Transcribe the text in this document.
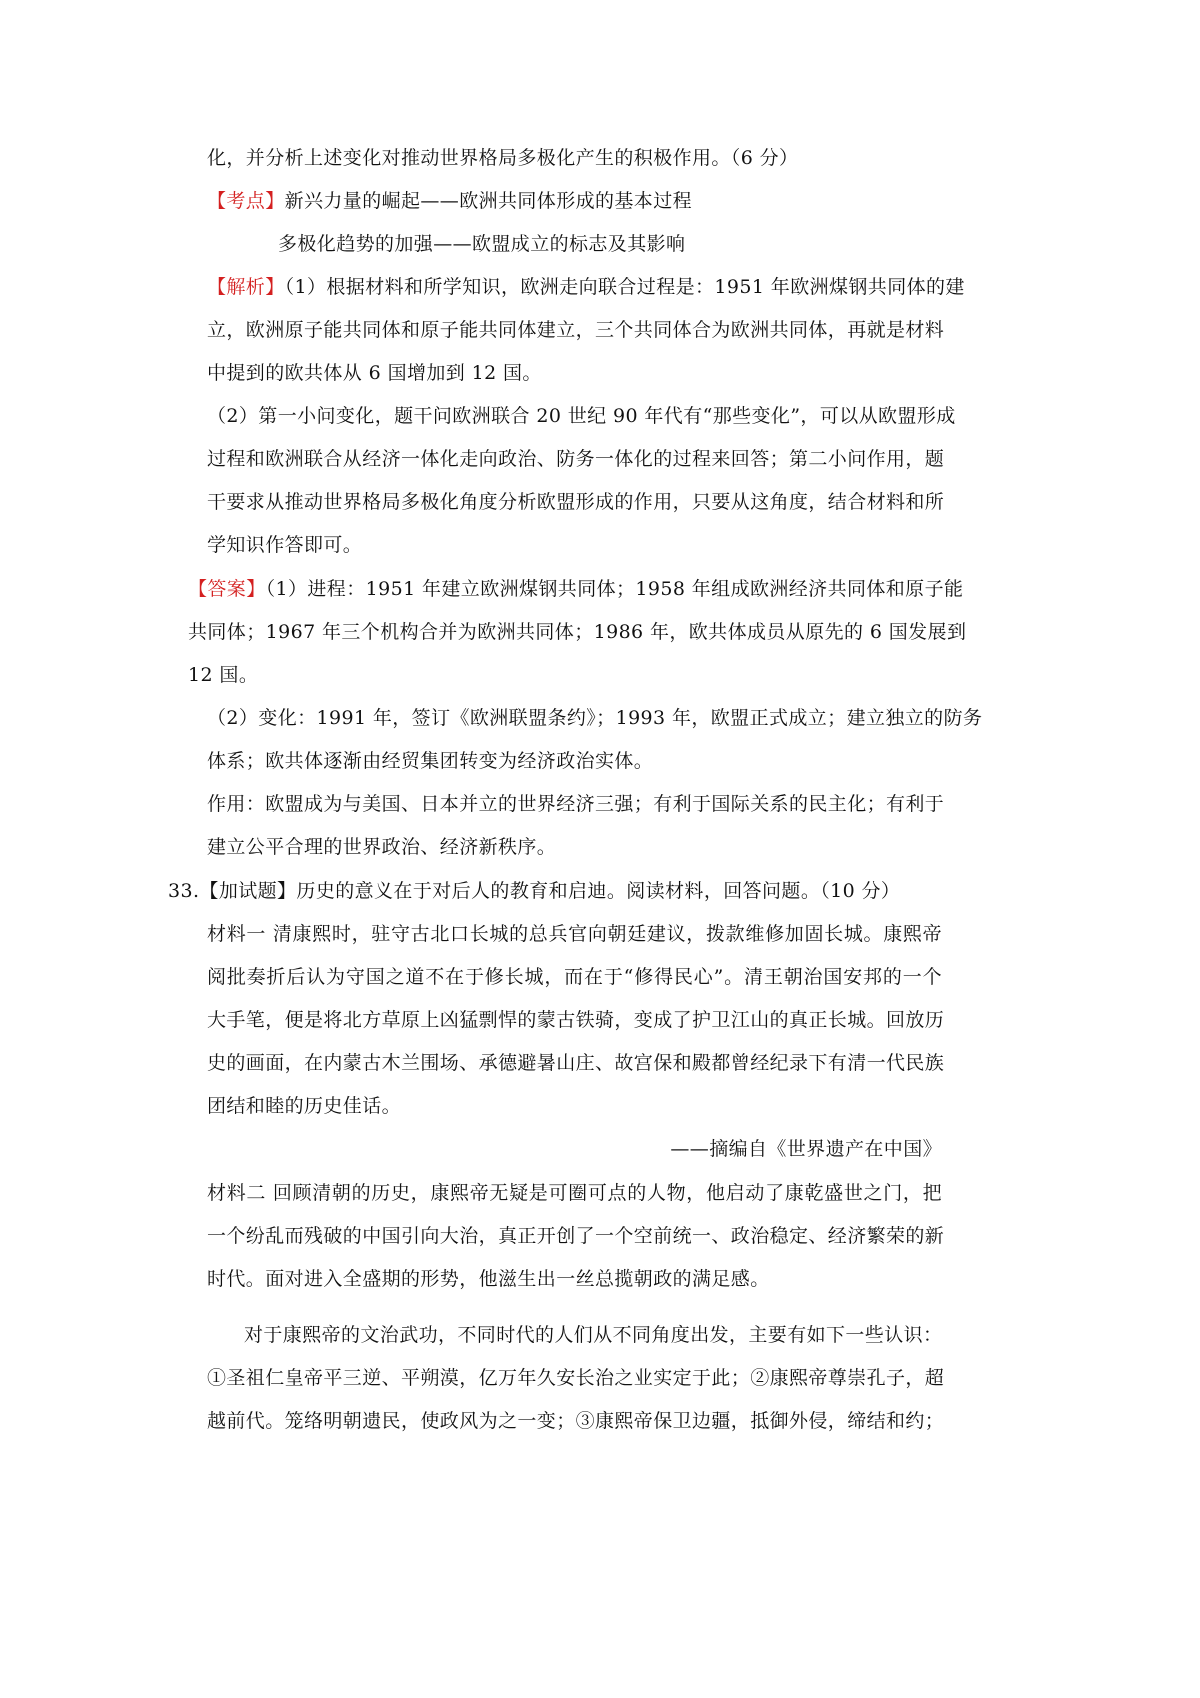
化，并分析上述变化对推动世界格局多极化产生的积极作用。（6 分）
【考点】新兴力量的崛起——欧洲共同体形成的基本过程
多极化趋势的加强——欧盟成立的标志及其影响
【解析】（1）根据材料和所学知识，欧洲走向联合过程是：1951 年欧洲煤钢共同体的建
立，欧洲原子能共同体和原子能共同体建立，三个共同体合为欧洲共同体，再就是材料
中提到的欧共体从 6 国增加到 12 国。
（2）第一小问变化，题干问欧洲联合 20 世纪 90 年代有“那些变化”，可以从欧盟形成
过程和欧洲联合从经济一体化走向政治、防务一体化的过程来回答；第二小问作用，题
干要求从推动世界格局多极化角度分析欧盟形成的作用，只要从这角度，结合材料和所
学知识作答即可。
【答案】（1）进程：1951 年建立欧洲煤钢共同体；1958 年组成欧洲经济共同体和原子能
共同体；1967 年三个机构合并为欧洲共同体；1986 年，欧共体成员从原先的 6 国发展到
12 国。
（2）变化：1991 年，签订《欧洲联盟条约》；1993 年，欧盟正式成立；建立独立的防务
体系；欧共体逐渐由经贸集团转变为经济政治实体。
作用：欧盟成为与美国、日本并立的世界经济三强；有利于国际关系的民主化；有利于
建立公平合理的世界政治、经济新秩序。
33.【加试题】历史的意义在于对后人的教育和启迪。阅读材料，回答问题。（10 分）
材料一 清康熙时，驻守古北口长城的总兵官向朝廷建议，拨款维修加固长城。康熙帝
阅批奏折后认为守国之道不在于修长城，而在于“修得民心”。清王朝治国安邦的一个
大手笔，便是将北方草原上凶猛剽悍的蒙古铁骑，变成了护卫江山的真正长城。回放历
史的画面，在内蒙古木兰围场、承德避暑山庄、故宫保和殿都曾经纪录下有清一代民族
团结和睦的历史佳话。
——摘编自《世界遗产在中国》
材料二 回顾清朝的历史，康熙帝无疑是可圈可点的人物，他启动了康乾盛世之门，把
一个纷乱而残破的中国引向大治，真正开创了一个空前统一、政治稳定、经济繁荣的新
时代。面对进入全盛期的形势，他滋生出一丝总揽朝政的满足感。
对于康熙帝的文治武功，不同时代的人们从不同角度出发，主要有如下一些认识：
①圣祖仁皇帝平三逆、平朔漠，亿万年久安长治之业实定于此；②康熙帝尊崇孔子，超
越前代。笼络明朝遗民，使政风为之一变；③康熙帝保卫边疆，抵御外侵，缔结和约；
